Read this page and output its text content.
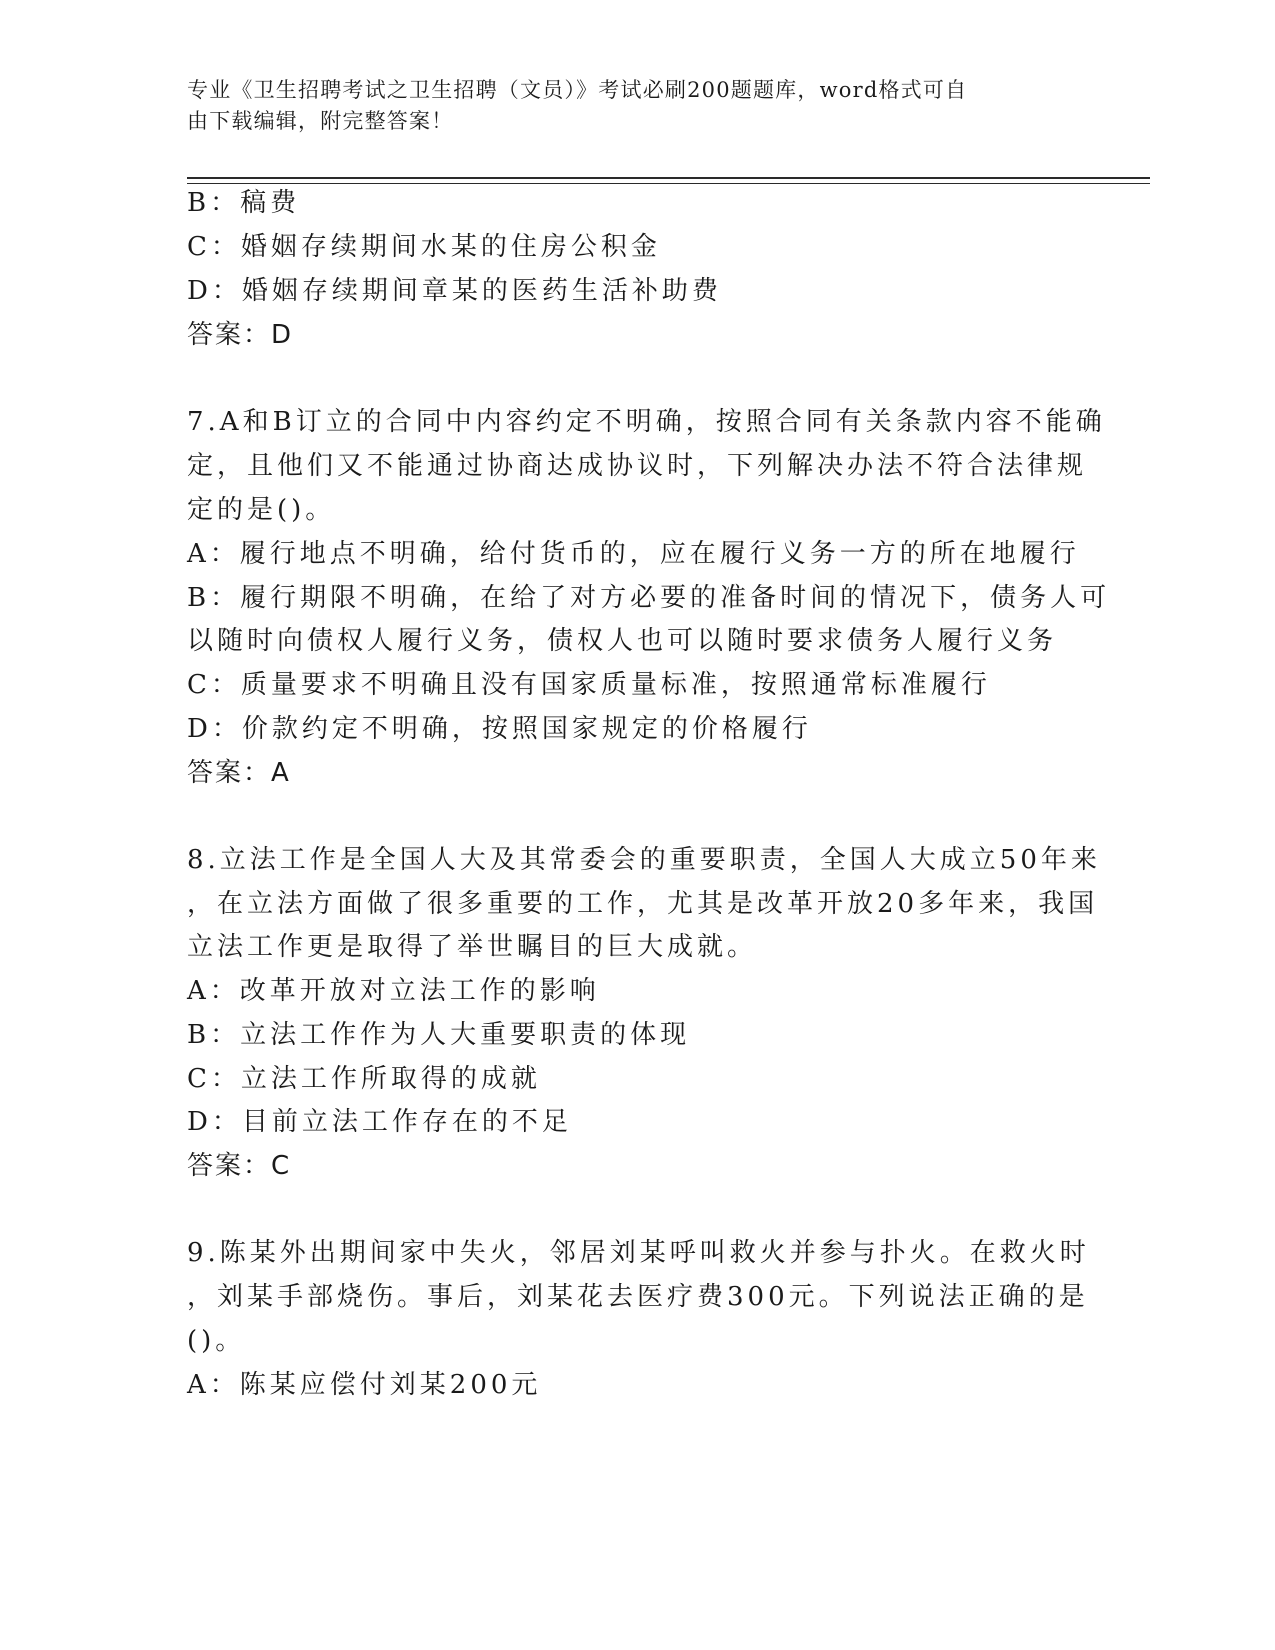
专业《卫生招聘考试之卫生招聘（文员）》考试必刷200题题库，word格式可自
由下载编辑，附完整答案！
B：稿费
C：婚姻存续期间水某的住房公积金
D：婚姻存续期间章某的医药生活补助费
答案：D
7.A和B订立的合同中内容约定不明确，按照合同有关条款内容不能确
定，且他们又不能通过协商达成协议时，下列解决办法不符合法律规
定的是()。
A：履行地点不明确，给付货币的，应在履行义务一方的所在地履行
B：履行期限不明确，在给了对方必要的准备时间的情况下，债务人可
以随时向债权人履行义务，债权人也可以随时要求债务人履行义务
C：质量要求不明确且没有国家质量标准，按照通常标准履行
D：价款约定不明确，按照国家规定的价格履行
答案：A
8.立法工作是全国人大及其常委会的重要职责，全国人大成立50年来
，在立法方面做了很多重要的工作，尤其是改革开放20多年来，我国
立法工作更是取得了举世瞩目的巨大成就。
A：改革开放对立法工作的影响
B：立法工作作为人大重要职责的体现
C：立法工作所取得的成就
D：目前立法工作存在的不足
答案：C
9.陈某外出期间家中失火，邻居刘某呼叫救火并参与扑火。在救火时
，刘某手部烧伤。事后，刘某花去医疗费300元。下列说法正确的是
()。
A：陈某应偿付刘某200元
